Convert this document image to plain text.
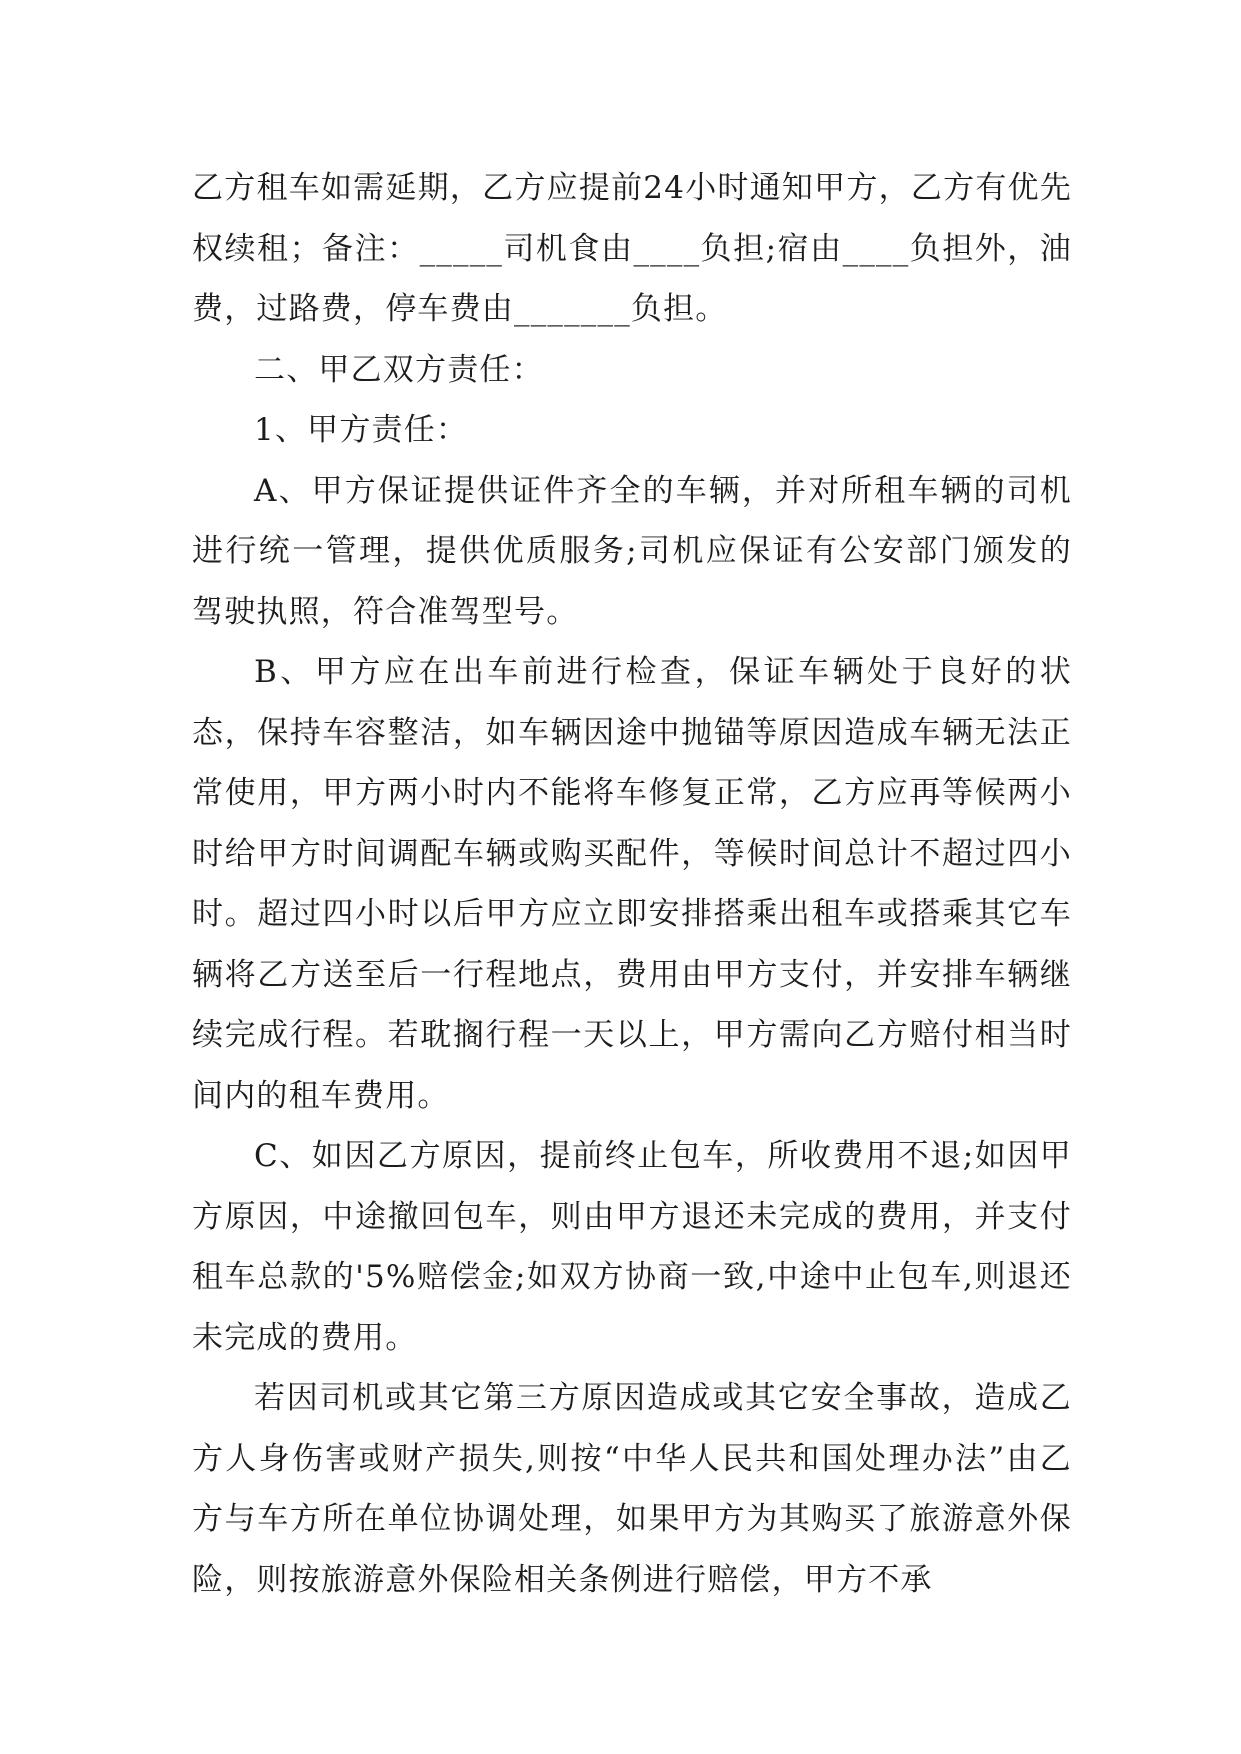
乙方租车如需延期，乙方应提前24小时通知甲方，乙方有优先权续租；备注：_____司机食由____负担;宿由____负担外，油费，过路费，停车费由_______负担。

二、甲乙双方责任：

1、甲方责任：

A、甲方保证提供证件齐全的车辆，并对所租车辆的司机进行统一管理，提供优质服务;司机应保证有公安部门颁发的驾驶执照，符合准驾型号。

B、甲方应在出车前进行检查，保证车辆处于良好的状态，保持车容整洁，如车辆因途中抛锚等原因造成车辆无法正常使用，甲方两小时内不能将车修复正常，乙方应再等候两小时给甲方时间调配车辆或购买配件，等候时间总计不超过四小时。超过四小时以后甲方应立即安排搭乘出租车或搭乘其它车辆将乙方送至后一行程地点，费用由甲方支付，并安排车辆继续完成行程。若耽搁行程一天以上，甲方需向乙方赔付相当时间内的租车费用。

C、如因乙方原因，提前终止包车，所收费用不退;如因甲方原因，中途撤回包车，则由甲方退还未完成的费用，并支付租车总款的'5%赔偿金;如双方协商一致,中途中止包车,则退还未完成的费用。

若因司机或其它第三方原因造成或其它安全事故，造成乙方人身伤害或财产损失,则按“中华人民共和国处理办法”由乙方与车方所在单位协调处理，如果甲方为其购买了旅游意外保险，则按旅游意外保险相关条例进行赔偿，甲方不承
